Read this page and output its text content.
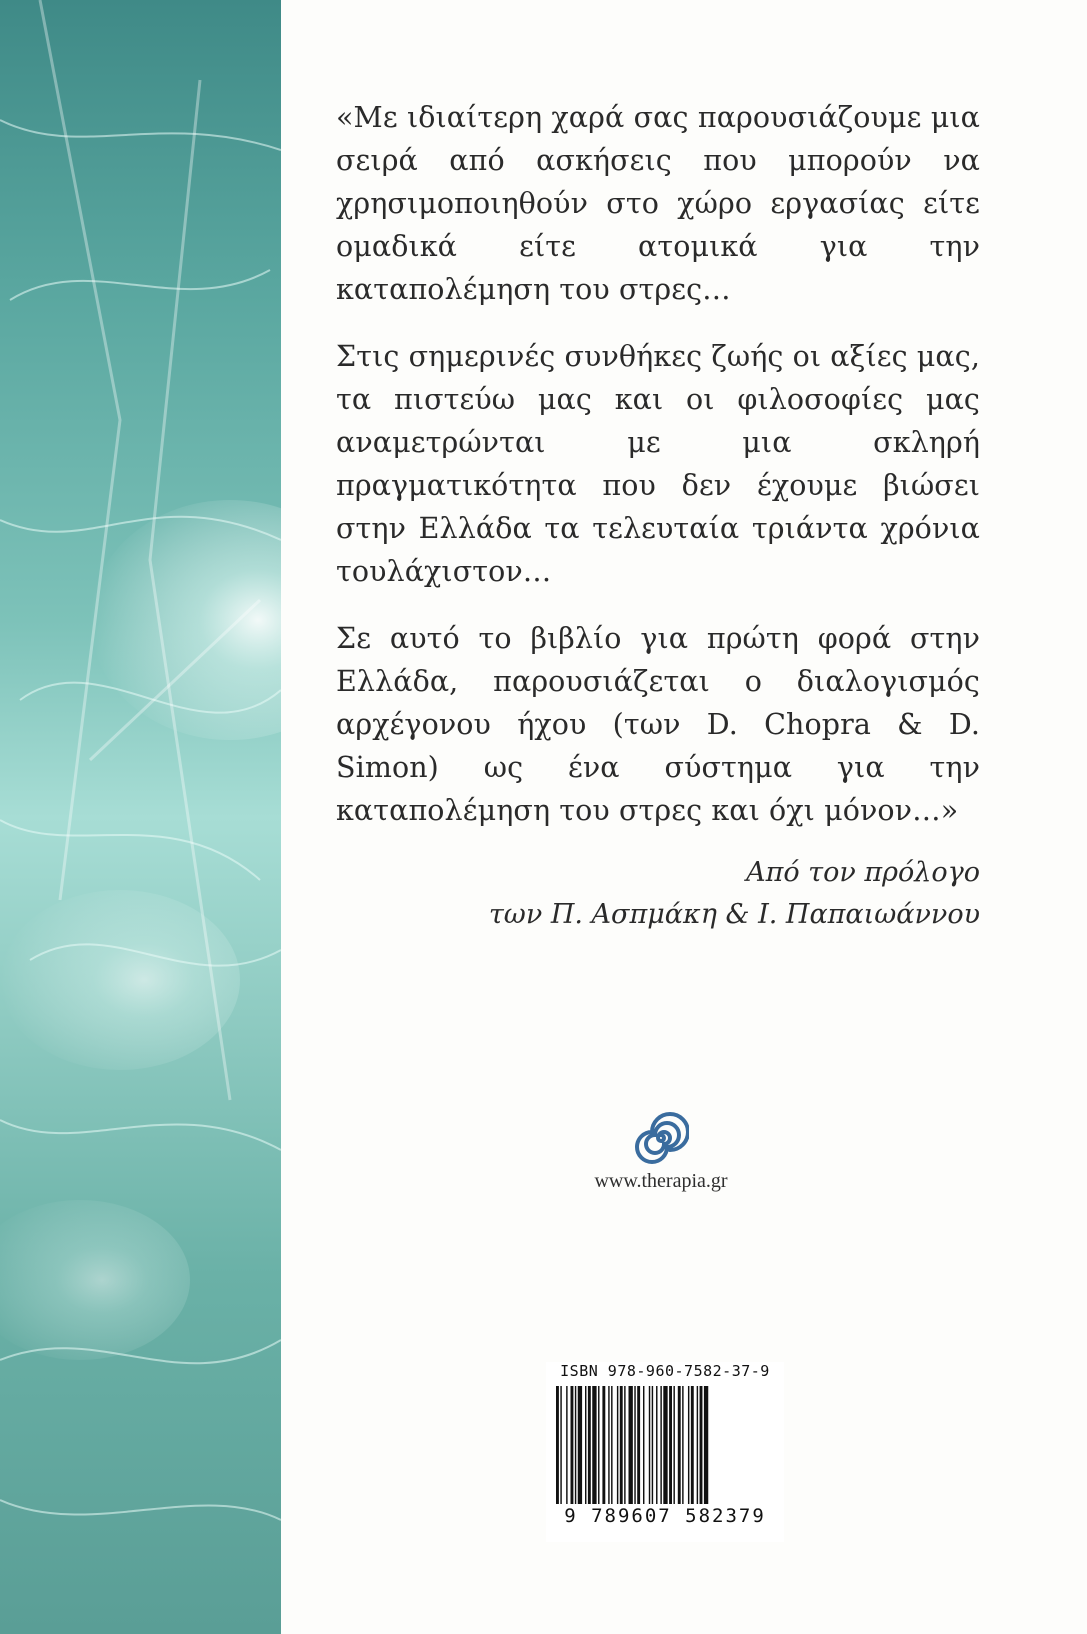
«Με ιδιαίτερη χαρά σας παρουσιάζουμε μια σειρά από ασκήσεις που μπορούν να χρησιμοποιηθούν στο χώρο εργασίας είτε ομαδικά είτε ατομικά για την καταπολέμηση του στρες…

Στις σημερινές συνθήκες ζωής οι αξίες μας, τα πιστεύω μας και οι φιλοσοφίες μας αναμετρώνται με μια σκληρή πραγματικότητα που δεν έχουμε βιώσει στην Ελλάδα τα τελευταία τριάντα χρόνια τουλάχιστον…

Σε αυτό το βιβλίο για πρώτη φορά στην Ελλάδα, παρουσιάζεται ο διαλογισμός αρχέγονου ήχου (των D. Chopra & D. Simon) ως ένα σύστημα για την καταπολέμηση του στρες και όχι μόνον…»

Από τον πρόλογο
των Π. Ασπμάκη & Ι. Παπαιωάννου
www.therapia.gr
ISBN 978-960-7582-37-9
9 789607 582379
